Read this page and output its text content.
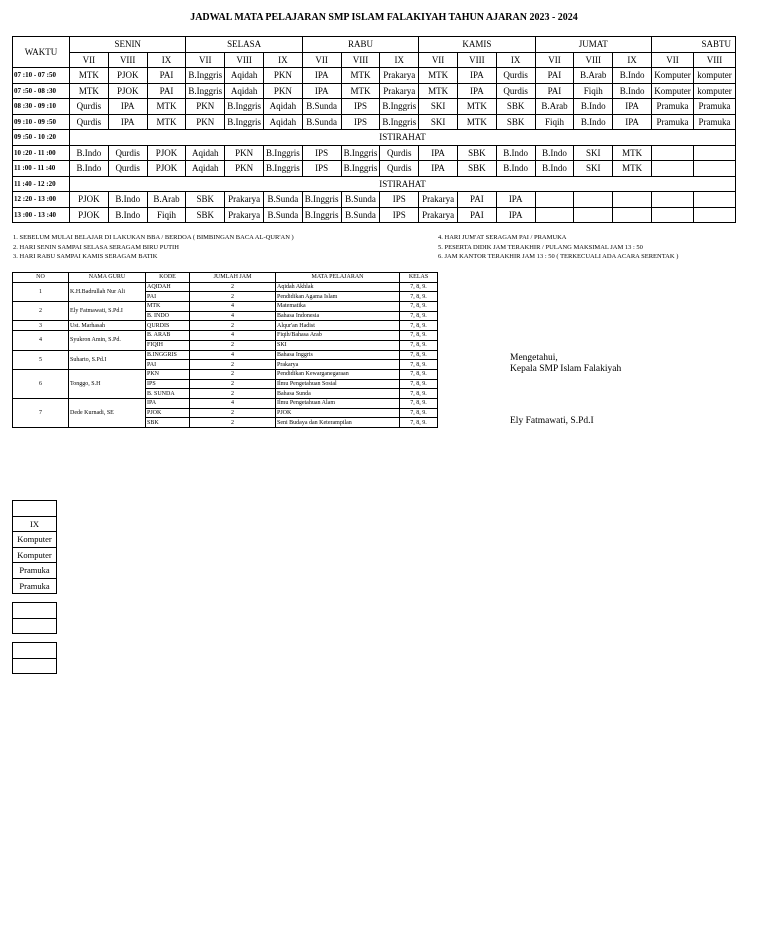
JADWAL MATA PELAJARAN SMP ISLAM FALAKIYAH TAHUN AJARAN 2023 - 2024
WAKTU	SENIN			SELASA			RABU			KAMIS			JUMAT			SABTU	
	VII	VIII	IX	VII	VIII	IX	VII	VIII	IX	VII	VIII	IX	VII	VIII	IX	VII	VIII
07 :10 - 07 :50	MTK	PJOK	PAI	B.Inggris	Aqidah	PKN	IPA	MTK	Prakarya	MTK	IPA	Qurdis	PAI	B.Arab	B.Indo	Komputer	komputer
07 :50 - 08 :30	MTK	PJOK	PAI	B.Inggris	Aqidah	PKN	IPA	MTK	Prakarya	MTK	IPA	Qurdis	PAI	Fiqih	B.Indo	Komputer	komputer
08 :30 - 09 :10	Qurdis	IPA	MTK	PKN	B.Inggris	Aqidah	B.Sunda	IPS	B.Inggris	SKI	MTK	SBK	B.Arab	B.Indo	IPA	Pramuka	Pramuka
09 :10 - 09 :50	Qurdis	IPA	MTK	PKN	B.Inggris	Aqidah	B.Sunda	IPS	B.Inggris	SKI	MTK	SBK	Fiqih	B.Indo	IPA	Pramuka	Pramuka
09 :50 - 10 :20	ISTIRAHAT																
10 :20 - 11 :00	B.Indo	Qurdis	PJOK	Aqidah	PKN	B.Inggris	IPS	B.Inggris	Qurdis	IPA	SBK	B.Indo	B.Indo	SKI	MTK		
11 :00 - 11 :40	B.Indo	Qurdis	PJOK	Aqidah	PKN	B.Inggris	IPS	B.Inggris	Qurdis	IPA	SBK	B.Indo	B.Indo	SKI	MTK		
11 :40 - 12 :20	ISTIRAHAT																
12 :20 - 13 :00	PJOK	B.Indo	B.Arab	SBK	Prakarya	B.Sunda	B.Inggris	B.Sunda	IPS	Prakarya	PAI	IPA					
13 :00 - 13 :40	PJOK	B.Indo	Fiqih	SBK	Prakarya	B.Sunda	B.Inggris	B.Sunda	IPS	Prakarya	PAI	IPA					
1. SEBELUM MULAI BELAJAR DI LAKUKAN BBA / BERDOA ( BIMBINGAN BACA AL-QUR'AN )
2. HARI SENIN SAMPAI SELASA SERAGAM BIRU PUTIH
3. HARI RABU SAMPAI KAMIS SERAGAM BATIK
4. HARI JUM'AT SERAGAM PAI / PRAMUKA
5. PESERTA DIDIK JAM TERAKHIR / PULANG MAKSIMAL JAM 13 : 50
6. JAM KANTOR TERAKHIR JAM 13 : 50 ( TERKECUALI ADA ACARA SERENTAK )
NO	NAMA GURU	KODE	JUMLAH JAM	MATA PELAJARAN	KELAS
1	K.H.Badrullah Nur Ali	AQIDAH	2	Aqidah Akhlak	7, 8, 9.
		PAI	2	Pendidikan Agama Islam	7, 8, 9.
2	Ely Fatmawati, S.Pd.I	MTK	4	Matematika	7, 8, 9.
		B. INDO	4	Bahasa Indonesia	7, 8, 9.
3	Ust. Marhasah	QURDIS	2	Alqur'an Hadist	7, 8, 9.
4	Syukron Amin, S.Pd.	B. ARAB	4	Fiqih/Bahasa Arab	7, 8, 9.
		FIQIH	2	SKI	7, 8, 9.
5	Suharto, S.Pd.I	B.INGGRIS	4	Bahasa Inggris	7, 8, 9.
		PAI	2	Prakarya	7, 8, 9.
6	Tonggo, S.H	PKN	2	Pendidikan Kewarganegaraan	7, 8, 9.
		IPS	2	Ilmu Pengetahuan Sosial	7, 8, 9.
		B. SUNDA	2	Bahasa Sunda	7, 8, 9.
7	Dede Kurnadi, SE	IPA	4	Ilmu Pengetahuan Alam	7, 8, 9.
		PJOK	2	PJOK	7, 8, 9.
		SBK	2	Seni Budaya dan Keterampilan	7, 8, 9.
Mengetahui,
Kepala SMP Islam Falakiyah
Ely Fatmawati, S.Pd.I

IX
Komputer
Komputer
Pramuka
Pramuka
